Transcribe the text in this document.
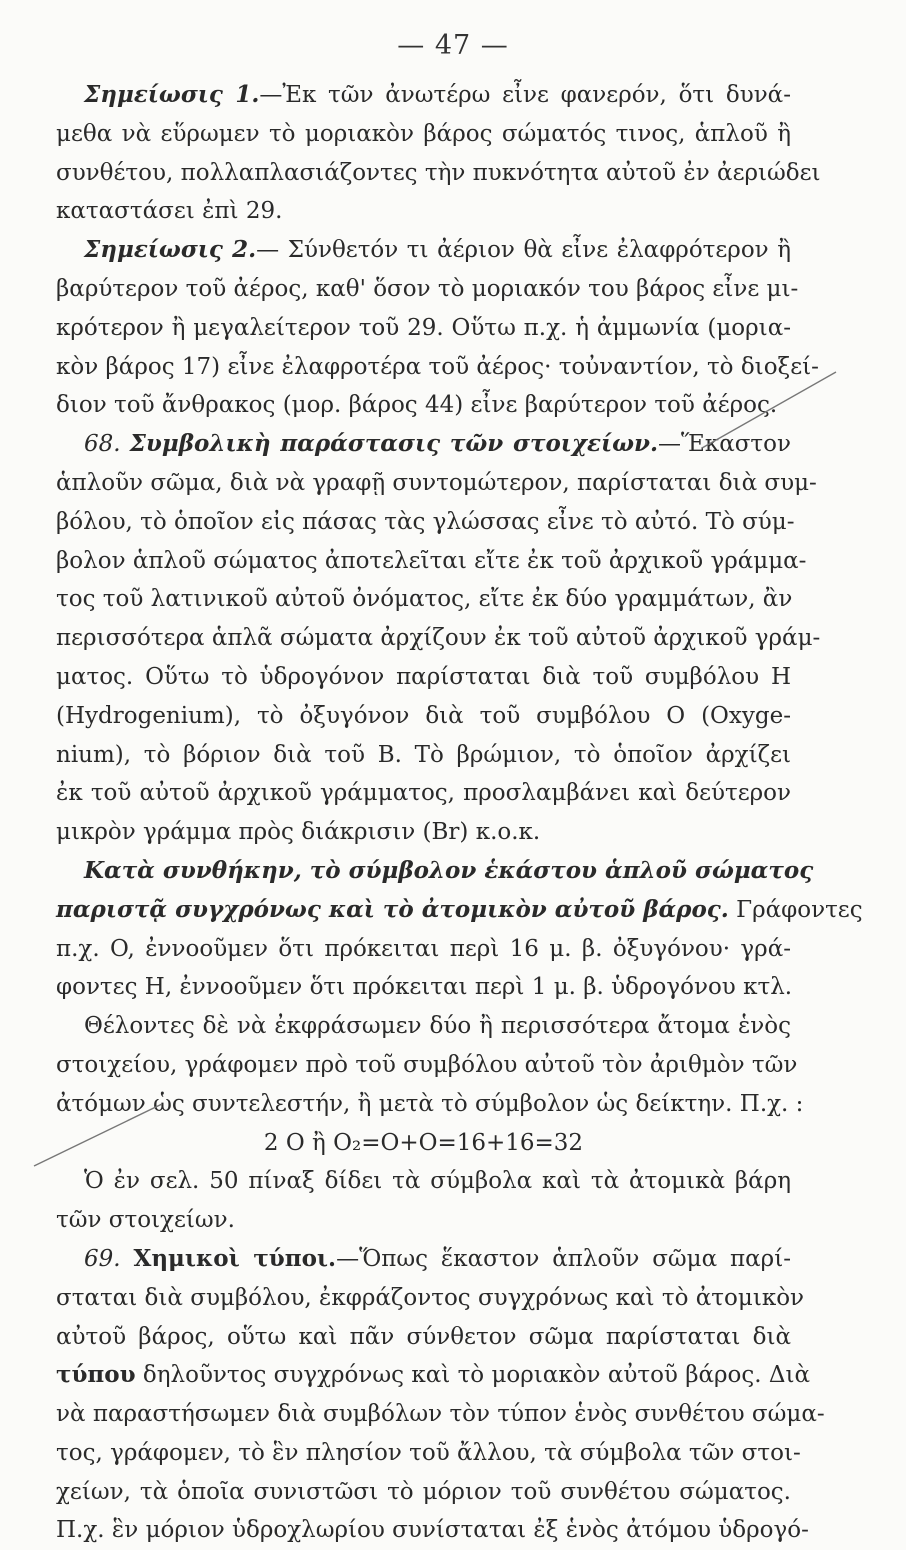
— 47 —
Σημείωσις 1.—Ἐκ τῶν ἀνωτέρω εἶνε φανερόν, ὅτι δυνά-
μεθα νὰ εὕρωμεν τὸ μοριακὸν βάρος σώματός τινος, ἁπλοῦ ἢ
συνθέτου, πολλαπλασιάζοντες τὴν πυκνότητα αὐτοῦ ἐν ἀεριώδει
καταστάσει ἐπὶ 29.
Σημείωσις 2.— Σύνθετόν τι ἀέριον θὰ εἶνε ἐλαφρότερον ἢ
βαρύτερον τοῦ ἀέρος, καθ' ὅσον τὸ μοριακόν του βάρος εἶνε μι-
κρότερον ἢ μεγαλείτερον τοῦ 29. Οὕτω π.χ. ἡ ἀμμωνία (μορια-
κὸν βάρος 17) εἶνε ἐλαφροτέρα τοῦ ἀέρος· τοὐναντίον, τὸ διοξεί-
διον τοῦ ἄνθρακος (μορ. βάρος 44) εἶνε βαρύτερον τοῦ ἀέρος.
68. Συμβολικὴ παράστασις τῶν στοιχείων.—Ἕκαστον
ἁπλοῦν σῶμα, διὰ νὰ γραφῇ συντομώτερον, παρίσταται διὰ συμ-
βόλου, τὸ ὁποῖον εἰς πάσας τὰς γλώσσας εἶνε τὸ αὐτό. Τὸ σύμ-
βολον ἁπλοῦ σώματος ἀποτελεῖται εἴτε ἐκ τοῦ ἀρχικοῦ γράμμα-
τος τοῦ λατινικοῦ αὐτοῦ ὀνόματος, εἴτε ἐκ δύο γραμμάτων, ἂν
περισσότερα ἁπλᾶ σώματα ἀρχίζουν ἐκ τοῦ αὐτοῦ ἀρχικοῦ γράμ-
ματος. Οὕτω τὸ ὑδρογόνον παρίσταται διὰ τοῦ συμβόλου H
(Hydrogenium), τὸ ὀξυγόνον διὰ τοῦ συμβόλου O (Oxyge-
nium), τὸ βόριον διὰ τοῦ B. Τὸ βρώμιον, τὸ ὁποῖον ἀρχίζει
ἐκ τοῦ αὐτοῦ ἀρχικοῦ γράμματος, προσλαμβάνει καὶ δεύτερον
μικρὸν γράμμα πρὸς διάκρισιν (Br) κ.ο.κ.
Κατὰ συνθήκην, τὸ σύμβολον ἑκάστου ἁπλοῦ σώματος
παριστᾷ συγχρόνως καὶ τὸ ἀτομικὸν αὐτοῦ βάρος. Γράφοντες
π.χ. O, ἐννοοῦμεν ὅτι πρόκειται περὶ 16 μ. β. ὀξυγόνου· γρά-
φοντες H, ἐννοοῦμεν ὅτι πρόκειται περὶ 1 μ. β. ὑδρογόνου κτλ.
Θέλοντες δὲ νὰ ἐκφράσωμεν δύο ἢ περισσότερα ἄτομα ἑνὸς
στοιχείου, γράφομεν πρὸ τοῦ συμβόλου αὐτοῦ τὸν ἀριθμὸν τῶν
ἀτόμων ὡς συντελεστήν, ἢ μετὰ τὸ σύμβολον ὡς δείκτην. Π.χ. :
2 O ἢ O₂=O+O=16+16=32
Ὁ ἐν σελ. 50 πίναξ δίδει τὰ σύμβολα καὶ τὰ ἀτομικὰ βάρη
τῶν στοιχείων.
69. Χημικοὶ τύποι.—Ὅπως ἕκαστον ἁπλοῦν σῶμα παρί-
σταται διὰ συμβόλου, ἐκφράζοντος συγχρόνως καὶ τὸ ἀτομικὸν
αὐτοῦ βάρος, οὕτω καὶ πᾶν σύνθετον σῶμα παρίσταται διὰ
τύπου δηλοῦντος συγχρόνως καὶ τὸ μοριακὸν αὐτοῦ βάρος. Διὰ
νὰ παραστήσωμεν διὰ συμβόλων τὸν τύπον ἑνὸς συνθέτου σώμα-
τος, γράφομεν, τὸ ἓν πλησίον τοῦ ἄλλου, τὰ σύμβολα τῶν στοι-
χείων, τὰ ὁποῖα συνιστῶσι τὸ μόριον τοῦ συνθέτου σώματος.
Π.χ. ἓν μόριον ὑδροχλωρίου συνίσταται ἐξ ἑνὸς ἀτόμου ὑδρογό-
